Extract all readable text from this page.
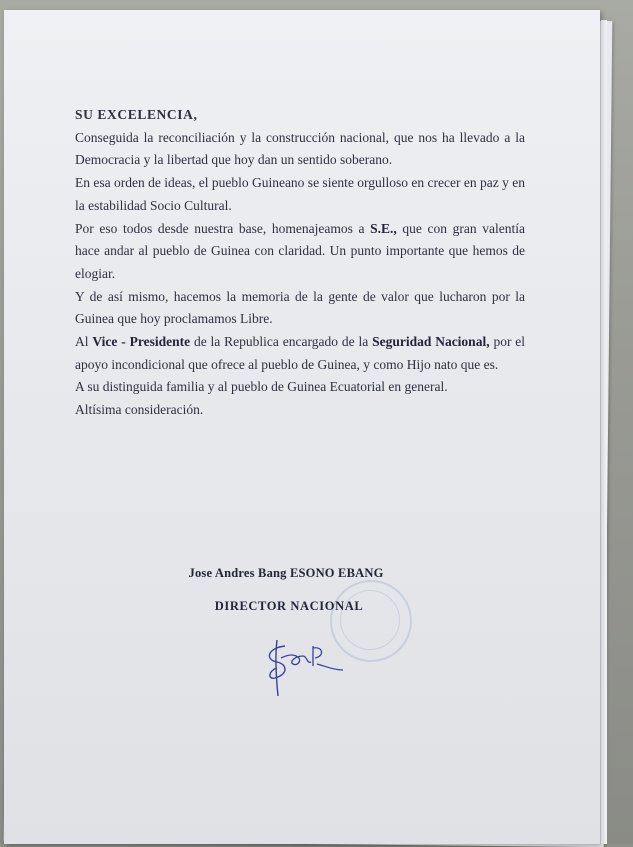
SU EXCELENCIA,
Conseguida la reconciliación y la construcción nacional, que nos ha llevado a la Democracia y la libertad que hoy dan un sentido soberano.
En esa orden de ideas, el pueblo Guineano se siente orgulloso en crecer en paz y en la estabilidad Socio Cultural.
Por eso todos desde nuestra base, homenajeamos a S.E., que con gran valentía hace andar al pueblo de Guinea con claridad. Un punto importante que hemos de elogiar.
Y de así mismo, hacemos la memoria de la gente de valor que lucharon por la Guinea que hoy proclamamos Libre.
Al Vice - Presidente de la Republica encargado de la Seguridad Nacional, por el apoyo incondicional que ofrece al pueblo de Guinea, y como Hijo nato que es.
A su distinguida familia y al pueblo de Guinea Ecuatorial en general.
Altísima consideración.
Jose Andres Bang ESONO EBANG
DIRECTOR NACIONAL
